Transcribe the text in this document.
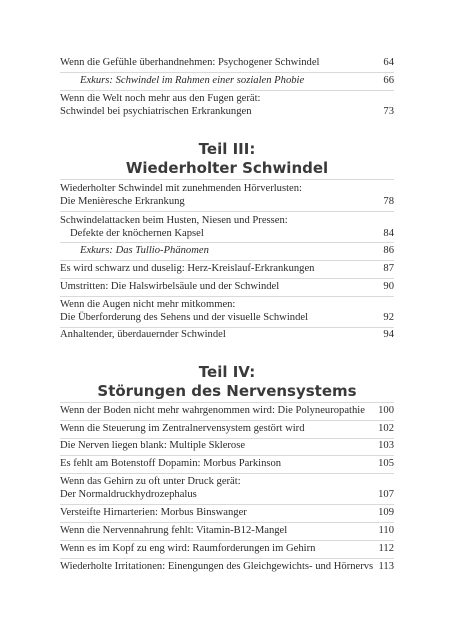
Wenn die Gefühle überhandnehmen: Psychogener Schwindel	64
Exkurs: Schwindel im Rahmen einer sozialen Phobie	66
Wenn die Welt noch mehr aus den Fugen gerät:
Schwindel bei psychiatrischen Erkrankungen	73
Teil III:
Wiederholter Schwindel
Wiederholter Schwindel mit zunehmenden Hörverlusten:
Die Menièresche Erkrankung	78
Schwindelattacken beim Husten, Niesen und Pressen:
Defekte der knöchernen Kapsel	84
Exkurs: Das Tullio-Phänomen	86
Es wird schwarz und duselig: Herz-Kreislauf-Erkrankungen	87
Umstritten: Die Halswirbelsäule und der Schwindel	90
Wenn die Augen nicht mehr mitkommen:
Die Überforderung des Sehens und der visuelle Schwindel	92
Anhaltender, überdauernder Schwindel	94
Teil IV:
Störungen des Nervensystems
Wenn der Boden nicht mehr wahrgenommen wird: Die Polyneuropathie	100
Wenn die Steuerung im Zentralnervensystem gestört wird	102
Die Nerven liegen blank: Multiple Sklerose	103
Es fehlt am Botenstoff Dopamin: Morbus Parkinson	105
Wenn das Gehirn zu oft unter Druck gerät:
Der Normaldruckhydrozephalus	107
Versteifte Hirnarterien: Morbus Binswanger	109
Wenn die Nervennahrung fehlt: Vitamin-B12-Mangel	110
Wenn es im Kopf zu eng wird: Raumforderungen im Gehirn	112
Wiederholte Irritationen: Einengungen des Gleichgewichts- und Hörnervs 113
